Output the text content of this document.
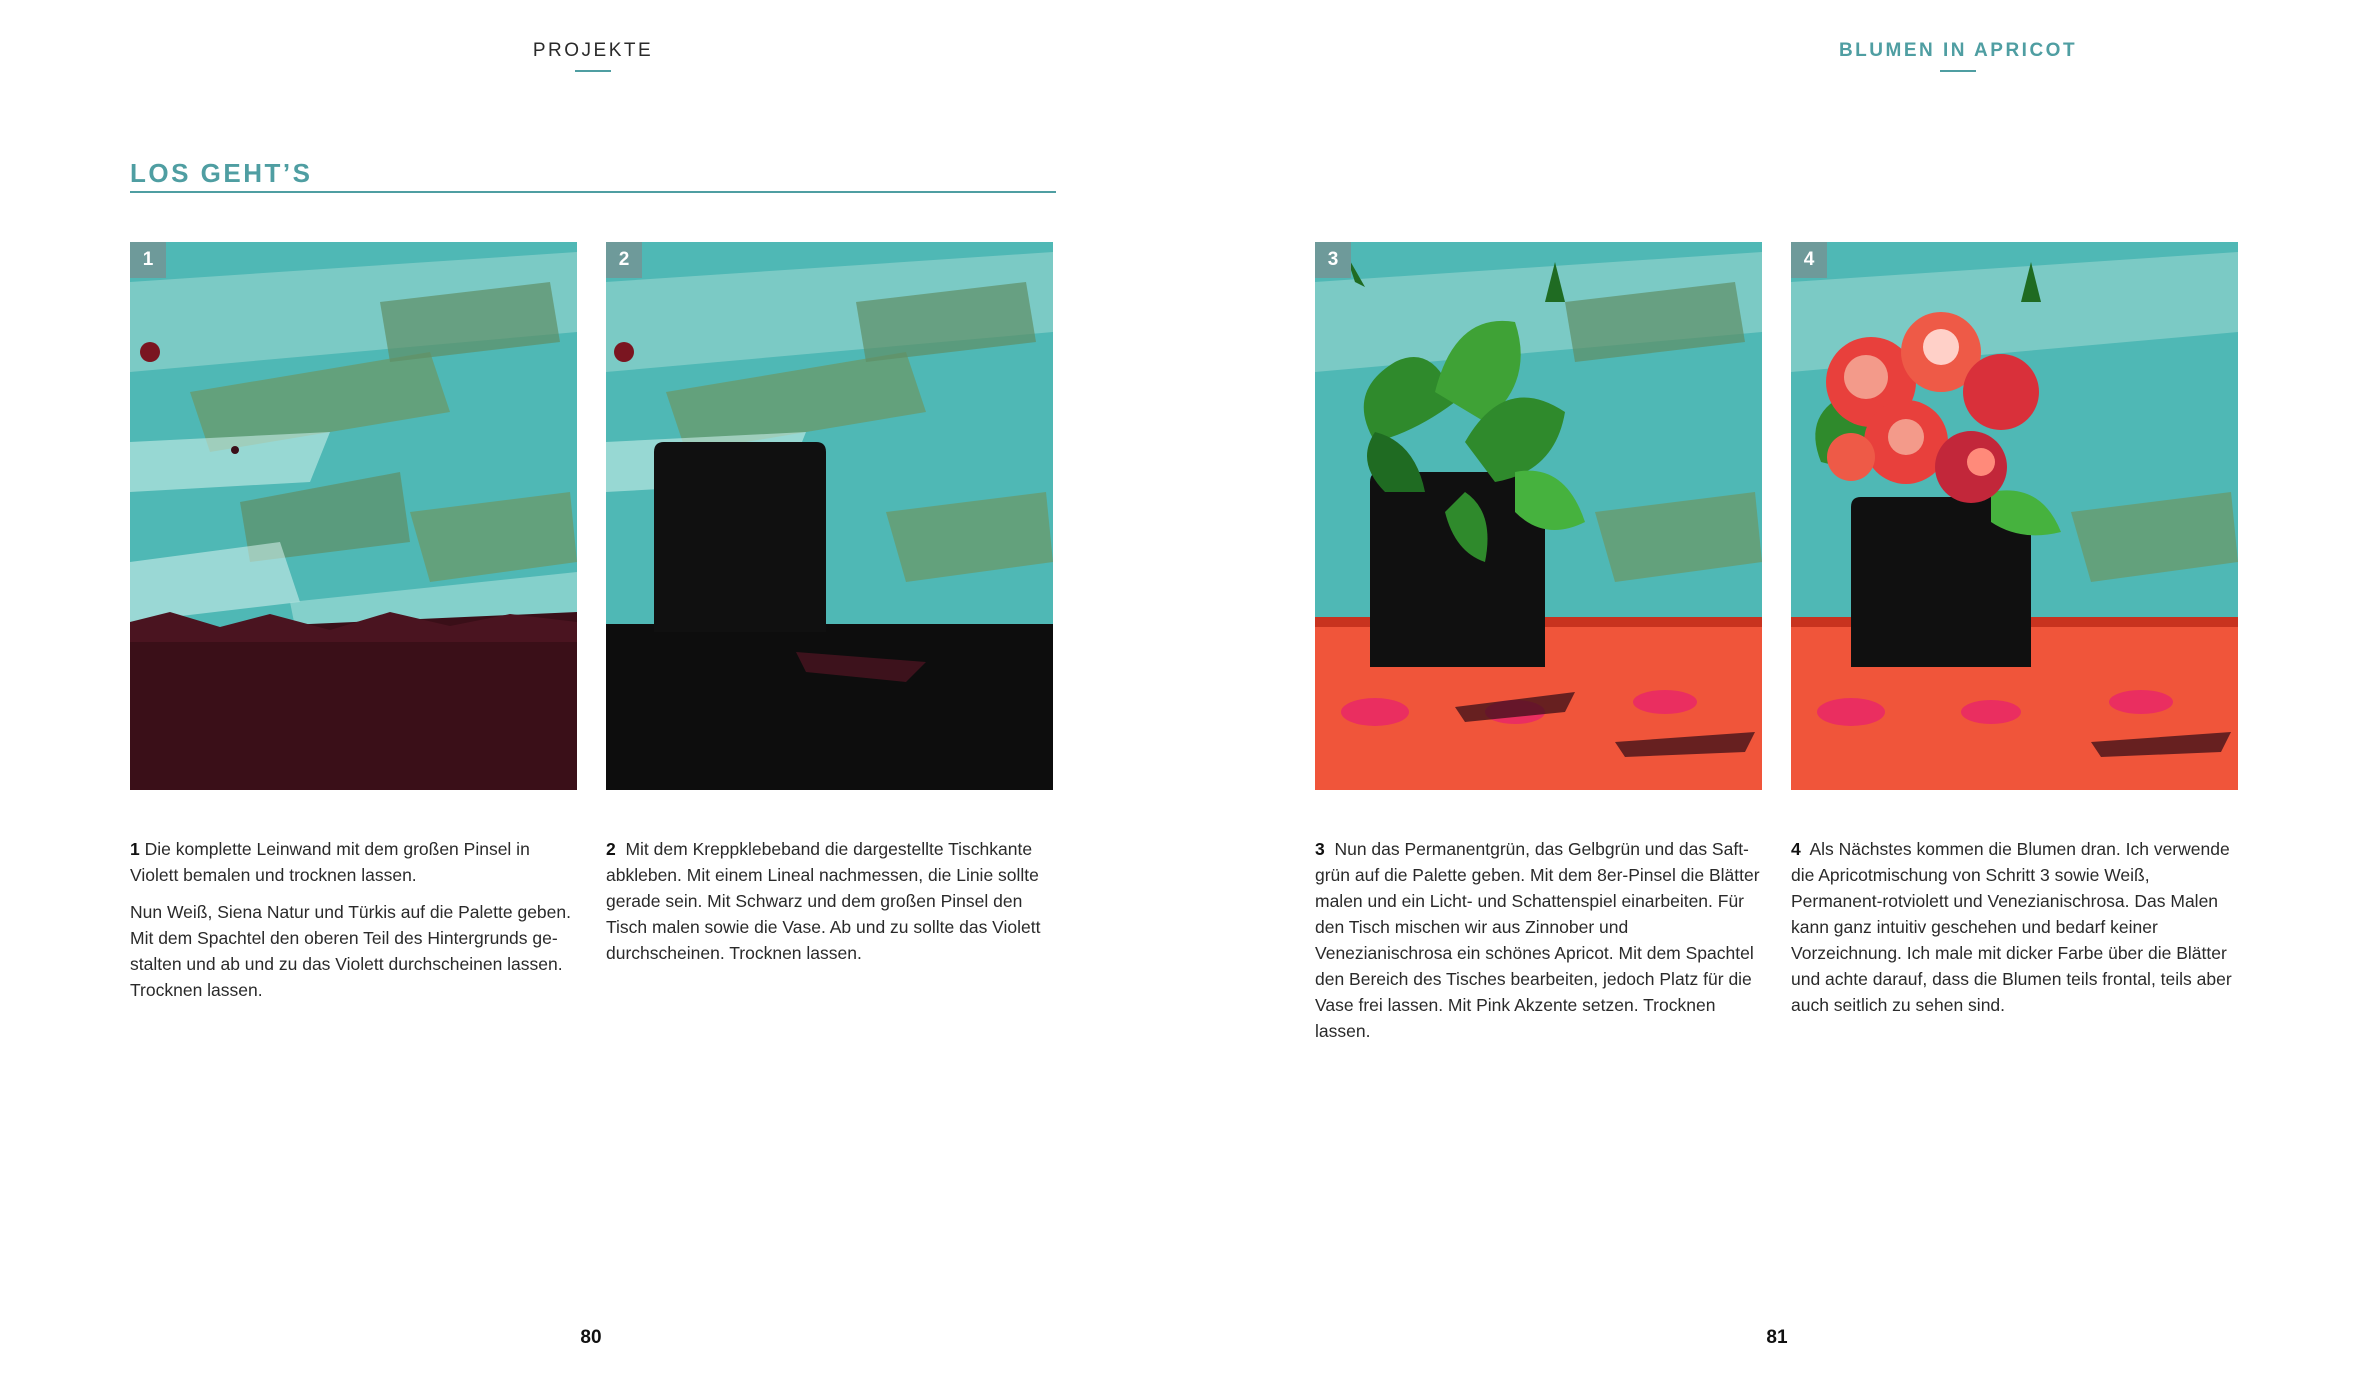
PROJEKTE
LOS GEHT’S
1	2

1 Die komplette Leinwand mit dem großen Pinsel in Violett bemalen und trocknen lassen.

Nun Weiß, Siena Natur und Türkis auf die Palette geben. Mit dem Spachtel den oberen Teil des Hintergrunds ge-stalten und ab und zu das Violett durchscheinen lassen. Trocknen lassen.

2 Mit dem Kreppklebeband die dargestellte Tischkante abkleben. Mit einem Lineal nachmessen, die Linie sollte gerade sein. Mit Schwarz und dem großen Pinsel den Tisch malen sowie die Vase. Ab und zu sollte das Violett durchscheinen. Trocknen lassen.

80
BLUMEN IN APRICOT
3	4

3 Nun das Permanentgrün, das Gelbgrün und das Saft-grün auf die Palette geben. Mit dem 8er-Pinsel die Blätter malen und ein Licht- und Schattenspiel einarbeiten. Für den Tisch mischen wir aus Zinnober und Venezianischrosa ein schönes Apricot. Mit dem Spachtel den Bereich des Tisches bearbeiten, jedoch Platz für die Vase frei lassen. Mit Pink Akzente setzen. Trocknen lassen.

4 Als Nächstes kommen die Blumen dran. Ich verwende die Apricotmischung von Schritt 3 sowie Weiß, Permanent-rotviolett und Venezianischrosa. Das Malen kann ganz intuitiv geschehen und bedarf keiner Vorzeichnung. Ich male mit dicker Farbe über die Blätter und achte darauf, dass die Blumen teils frontal, teils aber auch seitlich zu sehen sind.

81
